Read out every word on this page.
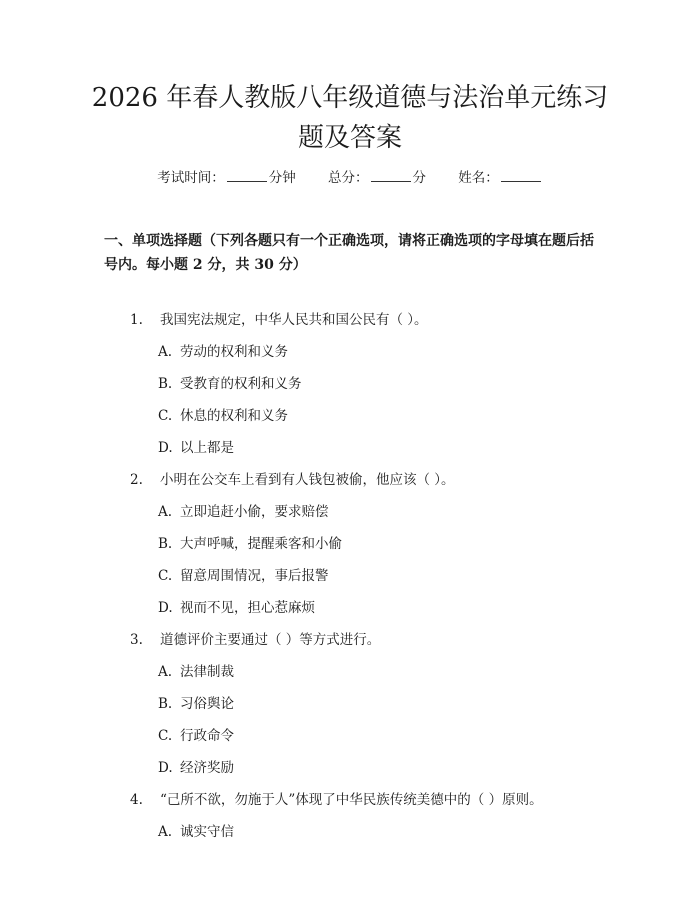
2026 年春人教版八年级道德与法治单元练习
题及答案
考试时间：	分钟 总分：	分 姓名：

一、单项选择题（下列各题只有一个正确选项，请将正确选项的字母填在题后括号内。每小题 2 分，共 30 分）

1. 我国宪法规定，中华人民共和国公民有（ ）。
A. 劳动的权利和义务
B. 受教育的权利和义务
C. 休息的权利和义务
D. 以上都是
2. 小明在公交车上看到有人钱包被偷，他应该（ ）。
A. 立即追赶小偷，要求赔偿
B. 大声呼喊，提醒乘客和小偷
C. 留意周围情况，事后报警
D. 视而不见，担心惹麻烦
3. 道德评价主要通过（ ）等方式进行。
A. 法律制裁
B. 习俗舆论
C. 行政命令
D. 经济奖励
4. “己所不欲，勿施于人”体现了中华民族传统美德中的（ ）原则。
A. 诚实守信
